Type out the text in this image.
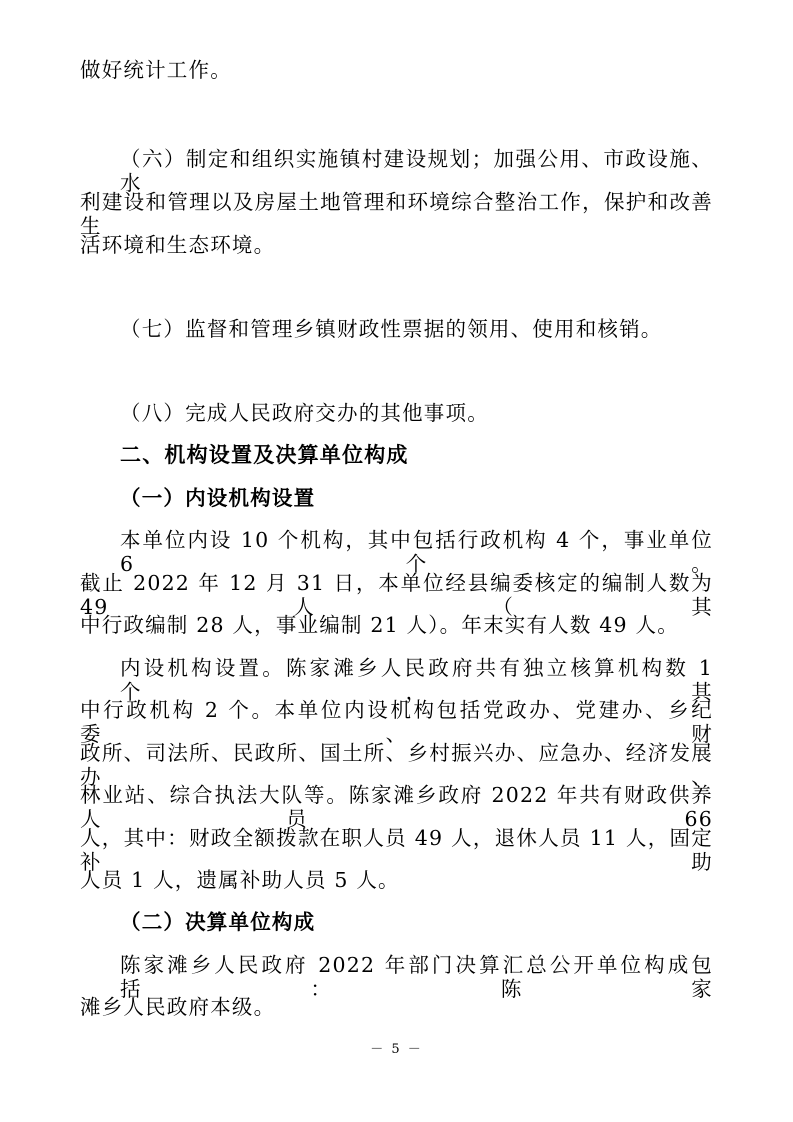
做好统计工作。
（六）制定和组织实施镇村建设规划；加强公用、市政设施、水
利建设和管理以及房屋土地管理和环境综合整治工作，保护和改善生
活环境和生态环境。
（七）监督和管理乡镇财政性票据的领用、使用和核销。
（八）完成人民政府交办的其他事项。
二、机构设置及决算单位构成
（一）内设机构设置
本单位内设 10 个机构，其中包括行政机构 4 个，事业单位 6 个。
截止 2022 年 12 月 31 日，本单位经县编委核定的编制人数为 49 人（其
中行政编制 28 人，事业编制 21 人）。年末实有人数 49 人。
内设机构设置。陈家滩乡人民政府共有独立核算机构数 1 个，其
中行政机构 2 个。本单位内设机构包括党政办、党建办、乡纪委、财
政所、司法所、民政所、国土所、乡村振兴办、应急办、经济发展办、
林业站、综合执法大队等。陈家滩乡政府 2022 年共有财政供养人员 66
人，其中：财政全额拨款在职人员 49 人，退休人员 11 人，固定补助
人员 1 人，遗属补助人员 5 人。
（二）决算单位构成
陈家滩乡人民政府 2022 年部门决算汇总公开单位构成包括：陈家
滩乡人民政府本级。
－ 5 －
